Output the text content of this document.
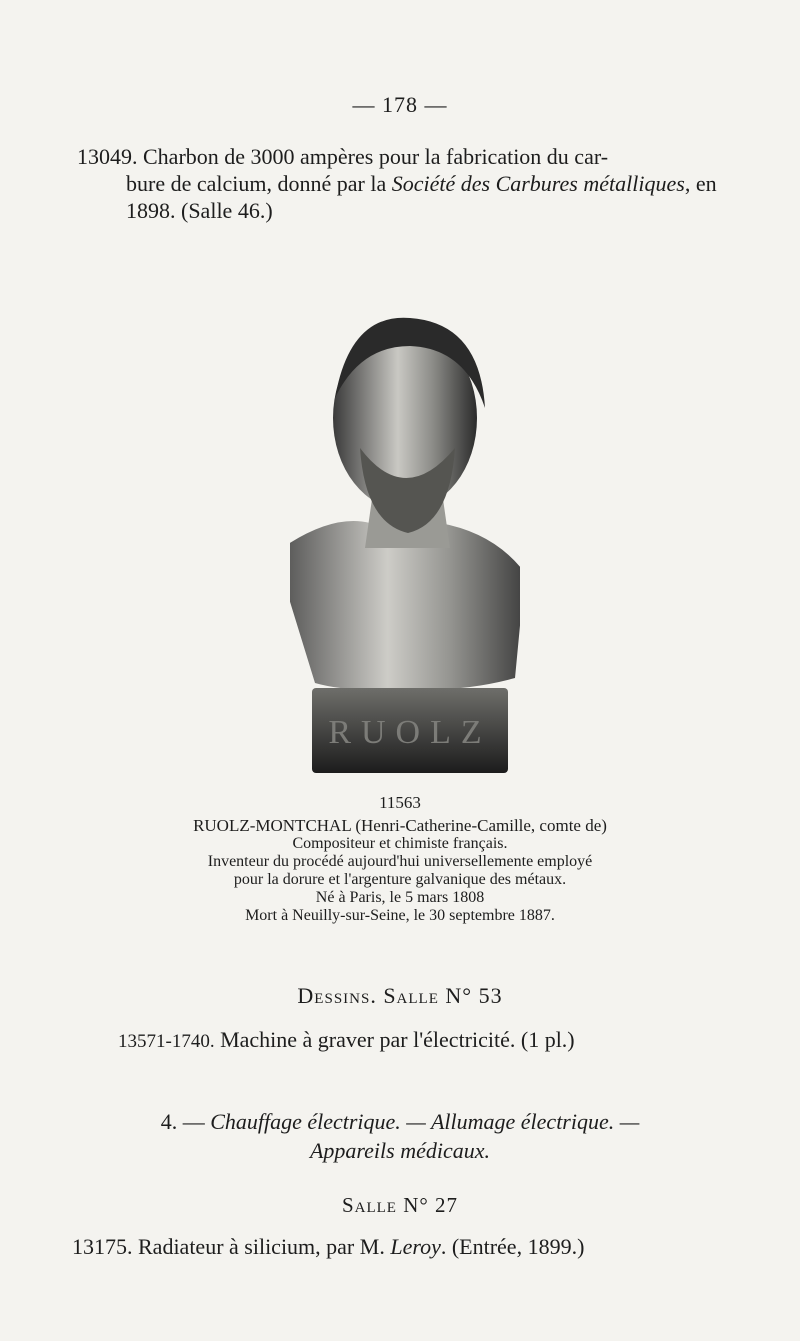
— 178 —
13049. Charbon de 3000 ampères pour la fabrication du car-
bure de calcium, donné par la Société des Carbures métalliques, en 1898. (Salle 46.)
RUOLZ
11563
RUOLZ-MONTCHAL (Henri-Catherine-Camille, comte de)
Compositeur et chimiste français.
Inventeur du procédé aujourd'hui universellemente employé
pour la dorure et l'argenture galvanique des métaux.
Né à Paris, le 5 mars 1808
Mort à Neuilly-sur-Seine, le 30 septembre 1887.
Dessins. Salle N° 53
13571-1740. Machine à graver par l'électricité. (1 pl.)
4. — Chauffage électrique. — Allumage électrique. —
Appareils médicaux.
Salle N° 27
13175. Radiateur à silicium, par M. Leroy. (Entrée, 1899.)
